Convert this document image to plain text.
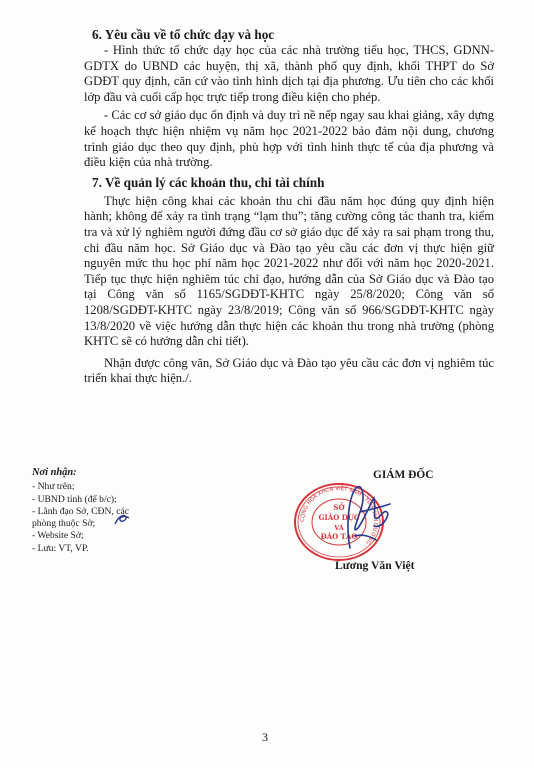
6. Yêu cầu về tổ chức dạy và học

- Hình thức tổ chức dạy học của các nhà trường tiểu học, THCS, GDNN-GDTX do UBND các huyện, thị xã, thành phố quy định, khối THPT do Sở GDĐT quy định, căn cứ vào tình hình dịch tại địa phương. Ưu tiên cho các khối lớp đầu và cuối cấp học trực tiếp trong điều kiện cho phép.

- Các cơ sở giáo dục ổn định và duy trì nề nếp ngay sau khai giảng, xây dựng kế hoạch thực hiện nhiệm vụ năm học 2021-2022 bảo đảm nội dung, chương trình giáo dục theo quy định, phù hợp với tình hình thực tế của địa phương và điều kiện của nhà trường.

7. Về quản lý các khoản thu, chi tài chính

Thực hiện công khai các khoản thu chi đầu năm học đúng quy định hiện hành; không để xảy ra tình trạng “lạm thu”; tăng cường công tác thanh tra, kiểm tra và xử lý nghiêm người đứng đầu cơ sở giáo dục để xảy ra sai phạm trong thu, chi đầu năm học. Sở Giáo dục và Đào tạo yêu cầu các đơn vị thực hiện giữ nguyên mức thu học phí năm học 2021-2022 như đối với năm học 2020-2021. Tiếp tục thực hiện nghiêm túc chỉ đạo, hướng dẫn của Sở Giáo dục và Đào tạo tại Công văn số 1165/SGDĐT-KHTC ngày 25/8/2020; Công văn số 1208/SGDĐT-KHTC ngày 23/8/2019; Công văn số 966/SGDĐT-KHTC ngày 13/8/2020 về việc hướng dẫn thực hiện các khoản thu trong nhà trường (phòng KHTC sẽ có hướng dẫn chi tiết).

Nhận được công văn, Sở Giáo dục và Đào tạo yêu cầu các đơn vị nghiêm túc triển khai thực hiện./.

Nơi nhận:

- Như trên;

- UBND tỉnh (để b/c);

- Lãnh đạo Sở, CĐN, các

phòng thuộc Sở;

- Website Sở;

- Lưu: VT, VP.

GIÁM ĐỐC
CỘNG HOÀ XHCN VIỆT NAM · TỈNH HẢI DƯƠNG ·
SỞ
GIÁO DỤC
VÀ
ĐÀO TẠO
Lương Văn Việt
3
